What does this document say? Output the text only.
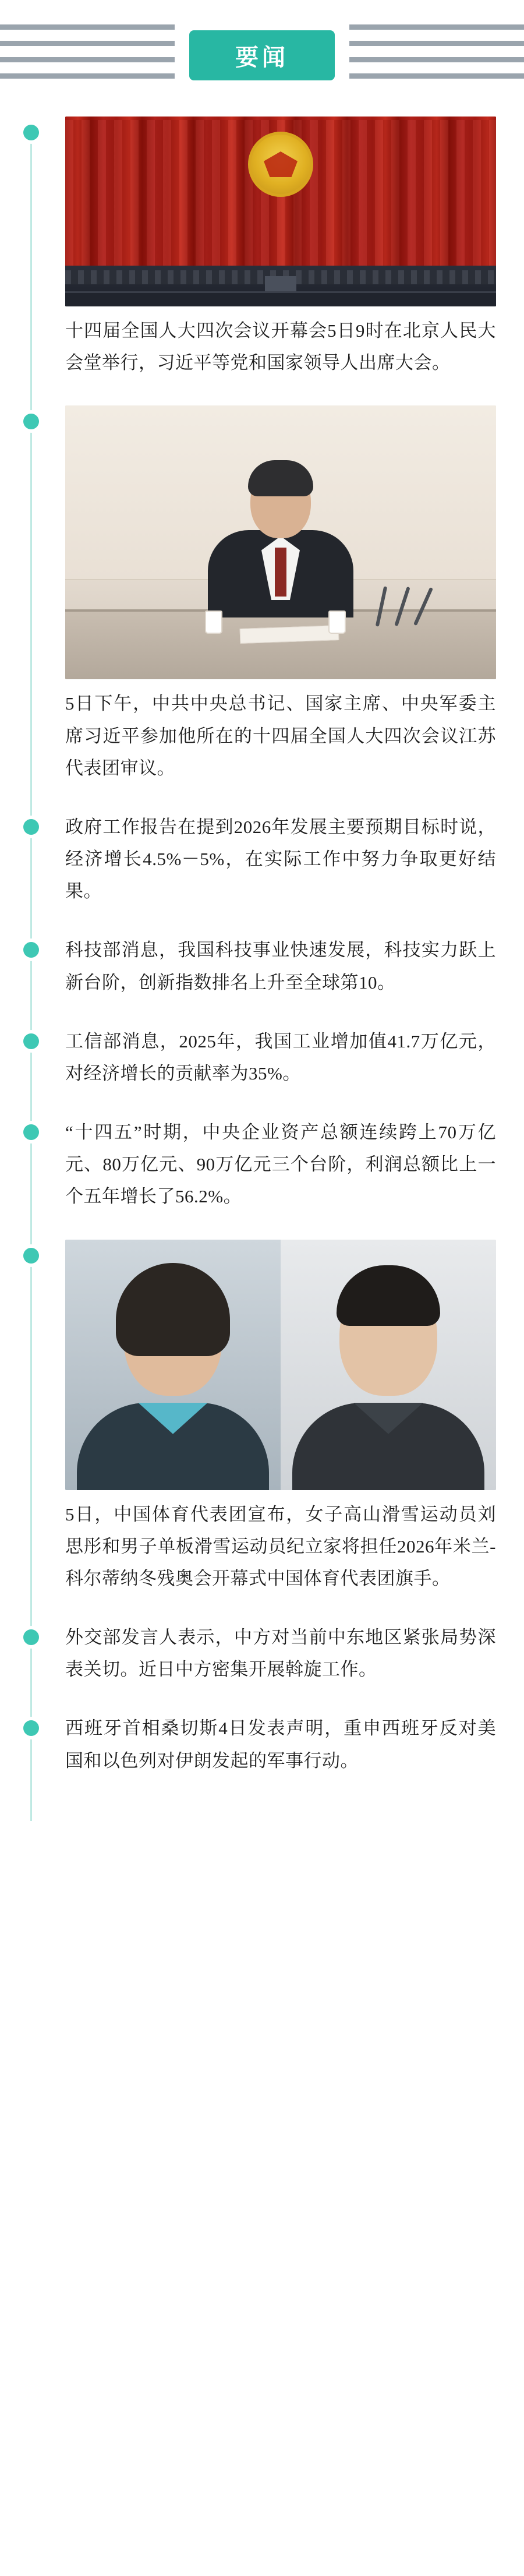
要闻
十四届全国人大四次会议开幕会5日9时在北京人民大会堂举行，习近平等党和国家领导人出席大会。
5日下午，中共中央总书记、国家主席、中央军委主席习近平参加他所在的十四届全国人大四次会议江苏代表团审议。
政府工作报告在提到2026年发展主要预期目标时说，经济增长4.5%－5%，在实际工作中努力争取更好结果。
科技部消息，我国科技事业快速发展，科技实力跃上新台阶，创新指数排名上升至全球第10。
工信部消息，2025年，我国工业增加值41.7万亿元，对经济增长的贡献率为35%。
“十四五”时期，中央企业资产总额连续跨上70万亿元、80万亿元、90万亿元三个台阶，利润总额比上一个五年增长了56.2%。
5日，中国体育代表团宣布，女子高山滑雪运动员刘思彤和男子单板滑雪运动员纪立家将担任2026年米兰-科尔蒂纳冬残奥会开幕式中国体育代表团旗手。
外交部发言人表示，中方对当前中东地区紧张局势深表关切。近日中方密集开展斡旋工作。
西班牙首相桑切斯4日发表声明，重申西班牙反对美国和以色列对伊朗发起的军事行动。
